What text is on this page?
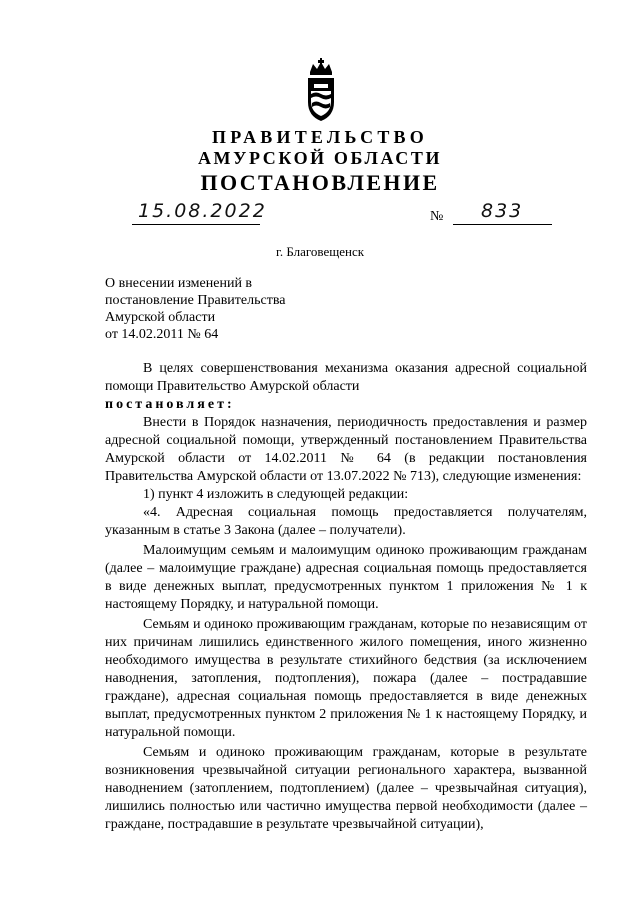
ПРАВИТЕЛЬСТВО
АМУРСКОЙ ОБЛАСТИ
ПОСТАНОВЛЕНИЕ
15.08.2022	№ 833
г. Благовещенск
О внесении изменений в
постановление Правительства
Амурской области
от 14.02.2011 № 64

В целях совершенствования механизма оказания адресной социальной помощи Правительство Амурской области

постановляет:

Внести в Порядок назначения, периодичность предоставления и размер адресной социальной помощи, утвержденный постановлением Правительства Амурской области от 14.02.2011 № 64 (в редакции постановления Правительства Амурской области от 13.07.2022 № 713), следующие изменения:

1) пункт 4 изложить в следующей редакции:

«4. Адресная социальная помощь предоставляется получателям, указанным в статье 3 Закона (далее – получатели).

Малоимущим семьям и малоимущим одиноко проживающим гражданам (далее – малоимущие граждане) адресная социальная помощь предоставляется в виде денежных выплат, предусмотренных пунктом 1 приложения № 1 к настоящему Порядку, и натуральной помощи.

Семьям и одиноко проживающим гражданам, которые по независящим от них причинам лишились единственного жилого помещения, иного жизненно необходимого имущества в результате стихийного бедствия (за исключением наводнения, затопления, подтопления), пожара (далее – пострадавшие граждане), адресная социальная помощь предоставляется в виде денежных выплат, предусмотренных пунктом 2 приложения № 1 к настоящему Порядку, и натуральной помощи.

Семьям и одиноко проживающим гражданам, которые в результате возникновения чрезвычайной ситуации регионального характера, вызванной наводнением (затоплением, подтоплением) (далее – чрезвычайная ситуация), лишились полностью или частично имущества первой необходимости (далее – граждане, пострадавшие в результате чрезвычайной ситуации),
